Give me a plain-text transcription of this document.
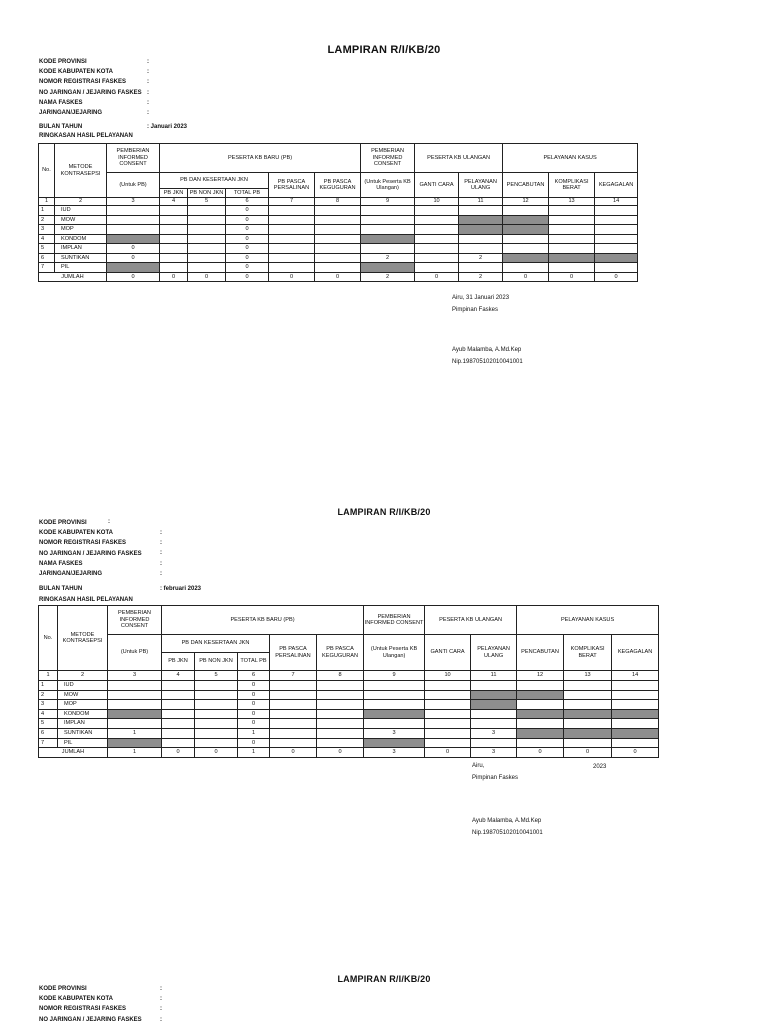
LAMPIRAN R/I/KB/20
KODE PROVINSI
KODE KABUPATEN KOTA
NOMOR REGISTRASI FASKES
NO JARINGAN / JEJARING FASKES
NAMA FASKES
JARINGAN/JEJARING
:
:
:
:
:
:
BULAN TAHUN	: Januari 2023
RINGKASAN HASIL PELAYANAN
No.	METODE KONTRASEPSI	PEMBERIAN INFORMED CONSENT	PESERTA KB BARU (PB)					PEMBERIAN INFORMED CONSENT	PESERTA KB ULANGAN		PELAYANAN KASUS		
		(Untuk PB)	PB DAN KESERTAAN JKN			PB PASCA PERSALINAN	PB PASCA KEGUGURAN	(Untuk Peserta KB Ulangan)	GANTI CARA	PELAYANAN ULANG	PENCABUTAN	KOMPLIKASI BERAT	KEGAGALAN
			PB JKN	PB NON JKN	TOTAL PB								
1	2	3	4	5	6	7	8	9	10	11	12	13	14
1	IUD				0								
2	MOW				0								
3	MOP				0								
4	KONDOM				0								
5	IMPLAN	0			0								
6	SUNTIKAN	0			0			2		2			
7	PIL				0								
JUMLAH		0	0	0	0	0	0	2	0	2	0	0	0
Airu, 31 Januari 2023
Pimpinan Faskes
Ayub Malamba, A.Md.Kep
Nip.198705102010041001
LAMPIRAN R/I/KB/20
KODE PROVINSI
KODE KABUPATEN KOTA
NOMOR REGISTRASI FASKES
NO JARINGAN / JEJARING FASKES
NAMA FASKES
JARINGAN/JEJARING
:
:
:
:
:
:
BULAN TAHUN	: februari 2023
RINGKASAN HASIL PELAYANAN
No.	METODE KONTRASEPSI	PEMBERIAN INFORMED CONSENT	PESERTA KB BARU (PB)					PEMBERIAN INFORMED CONSENT	PESERTA KB ULANGAN		PELAYANAN KASUS		
		(Untuk PB)	PB DAN KESERTAAN JKN			PB PASCA PERSALINAN	PB PASCA KEGUGURAN	(Untuk Peserta KB Ulangan)	GANTI CARA	PELAYANAN ULANG	PENCABUTAN	KOMPLIKASI BERAT	KEGAGALAN
			PB JKN	PB NON JKN	TOTAL PB								
1	2	3	4	5	6	7	8	9	10	11	12	13	14
1	IUD				0								
2	MOW				0								
3	MOP				0								
4	KONDOM				0								
5	IMPLAN				0								
6	SUNTIKAN	1			1			3		3			
7	PIL				0								
JUMLAH		1	0	0	1	0	0	3	0	3	0	0	0
Airu,
Pimpinan Faskes
2023
Ayub Malamba, A.Md.Kep
Nip.198705102010041001
LAMPIRAN R/I/KB/20
KODE PROVINSI
KODE KABUPATEN KOTA
NOMOR REGISTRASI FASKES
NO JARINGAN / JEJARING FASKES
:
:
:
:
